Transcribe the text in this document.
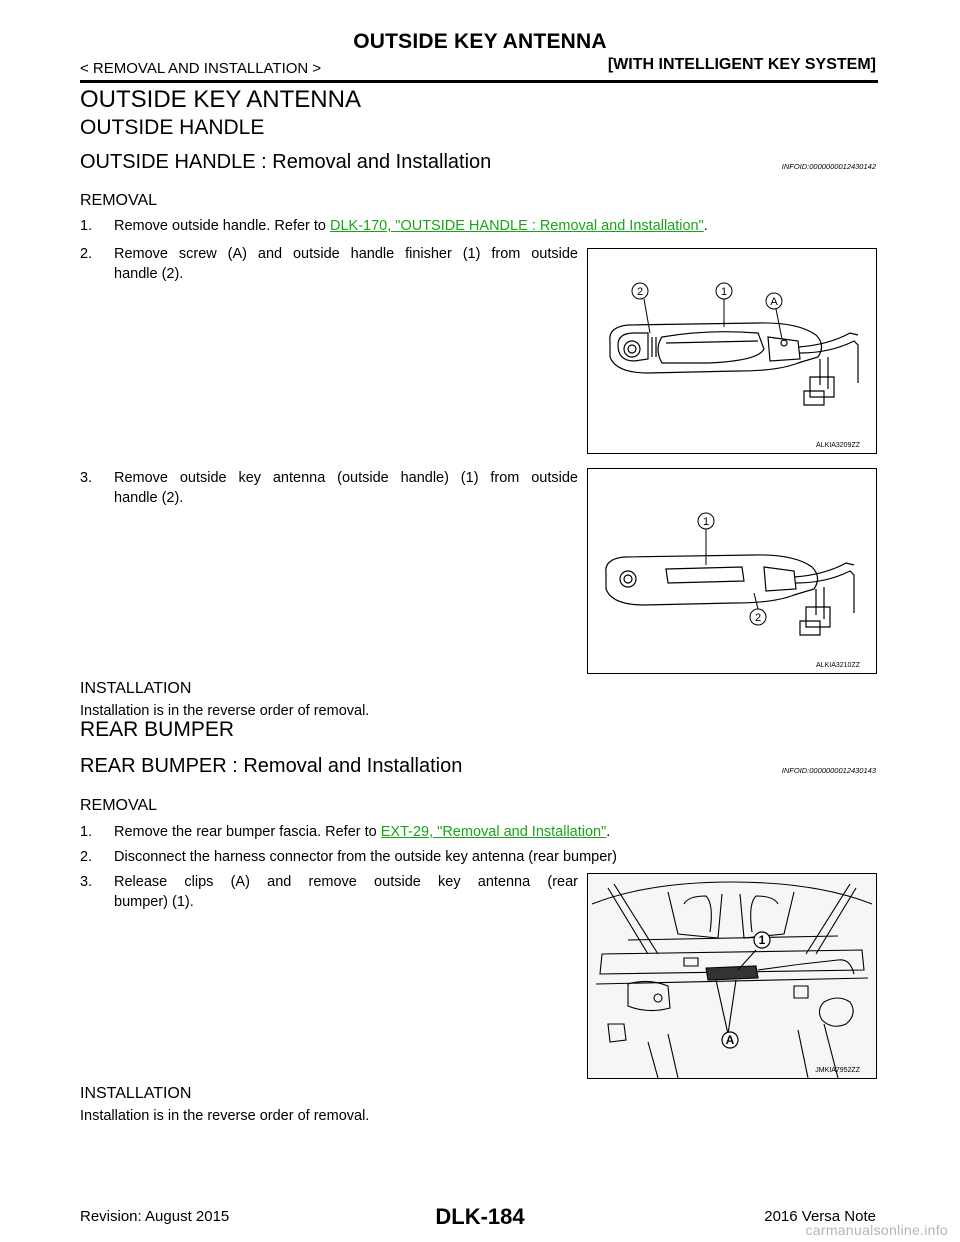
OUTSIDE KEY ANTENNA
< REMOVAL AND INSTALLATION >	[WITH INTELLIGENT KEY SYSTEM]
OUTSIDE KEY ANTENNA
OUTSIDE HANDLE
OUTSIDE HANDLE : Removal and Installation	INFOID:0000000012430142
REMOVAL
1. Remove outside handle. Refer to DLK-170, "OUTSIDE HANDLE : Removal and Installation".
2. Remove screw (A) and outside handle finisher (1) from outside
handle (2).
2	1
A
ALKIA3209ZZ
3. Remove outside key antenna (outside handle) (1) from outside
handle (2).
1
2
ALKIA3210ZZ
INSTALLATION
Installation is in the reverse order of removal.
REAR BUMPER
REAR BUMPER : Removal and Installation	INFOID:0000000012430143
REMOVAL
1. Remove the rear bumper fascia. Refer to EXT-29, "Removal and Installation".
2. Disconnect the harness connector from the outside key antenna (rear bumper)
3. Release clips (A) and remove outside key antenna (rear
bumper) (1).
1
A
JMKIA7952ZZ
INSTALLATION
Installation is in the reverse order of removal.
Revision: August 2015	DLK-184	2016 Versa Note
carmanualsonline.info
